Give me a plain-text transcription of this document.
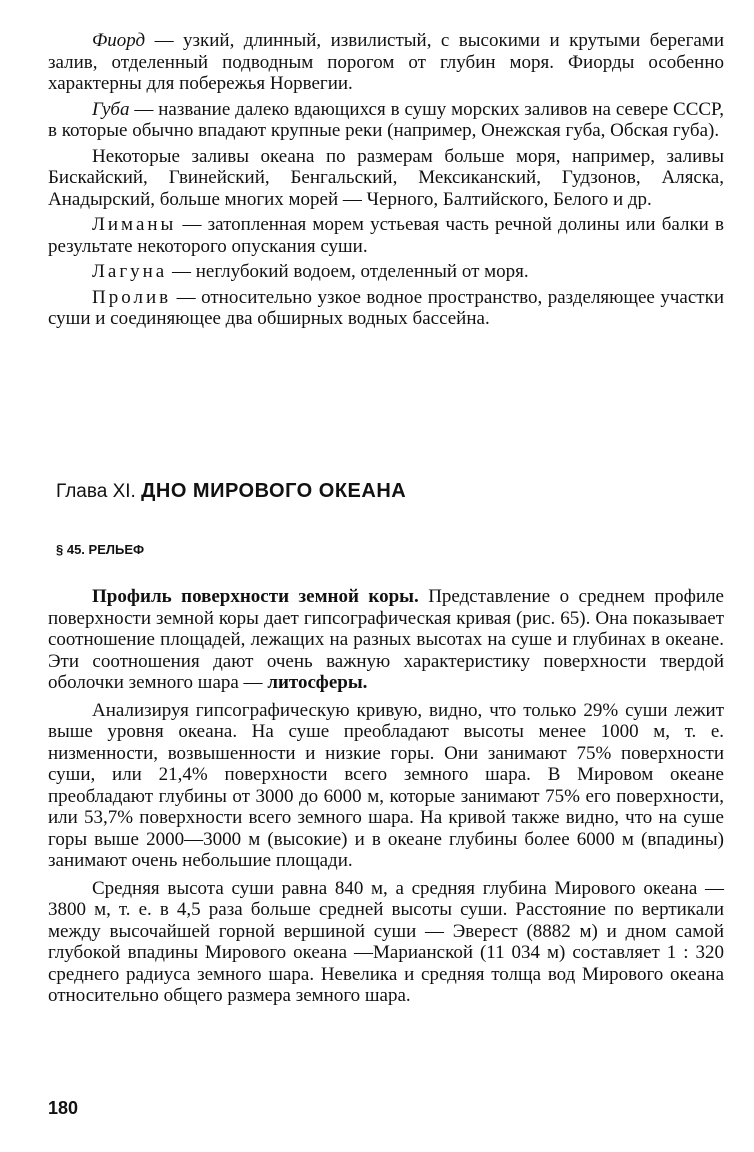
Фиорд — узкий, длинный, извилистый, с высокими и крутыми берегами залив, отделенный подводным порогом от глубин моря. Фиорды особенно характерны для побережья Норвегии.

Губа — название далеко вдающихся в сушу морских заливов на севере СССР, в которые обычно впадают крупные реки (например, Онежская губа, Обская губа).

Некоторые заливы океана по размерам больше моря, например, заливы Бискайский, Гвинейский, Бенгальский, Мексиканский, Гудзонов, Аляска, Анадырский, больше многих морей — Черного, Балтийского, Белого и др.

Лиманы — затопленная морем устьевая часть речной долины или балки в результате некоторого опускания суши.

Лагуна — неглубокий водоем, отделенный от моря.

Пролив — относительно узкое водное пространство, разделяющее участки суши и соединяющее два обширных водных бассейна.

Глава XI. ДНО МИРОВОГО ОКЕАНА
§ 45. РЕЛЬЕФ

Профиль поверхности земной коры. Представление о среднем профиле поверхности земной коры дает гипсографическая кривая (рис. 65). Она показывает соотношение площадей, лежащих на разных высотах на суше и глубинах в океане. Эти соотношения дают очень важную характеристику поверхности твердой оболочки земного шара — литосферы.

Анализируя гипсографическую кривую, видно, что только 29% суши лежит выше уровня океана. На суше преобладают высоты менее 1000 м, т. е. низменности, возвышенности и низкие горы. Они занимают 75% поверхности суши, или 21,4% поверхности всего земного шара. В Мировом океане преобладают глубины от 3000 до 6000 м, которые занимают 75% его поверхности, или 53,7% поверхности всего земного шара. На кривой также видно, что на суше горы выше 2000—3000 м (высокие) и в океане глубины более 6000 м (впадины) занимают очень небольшие площади.

Средняя высота суши равна 840 м, а средняя глубина Мирового океана — 3800 м, т. е. в 4,5 раза больше средней высоты суши. Расстояние по вертикали между высочайшей горной вершиной суши — Эверест (8882 м) и дном самой глубокой впадины Мирового океана —Марианской (11 034 м) составляет 1 : 320 среднего радиуса земного шара. Невелика и средняя толща вод Мирового океана относительно общего размера земного шара.

180
